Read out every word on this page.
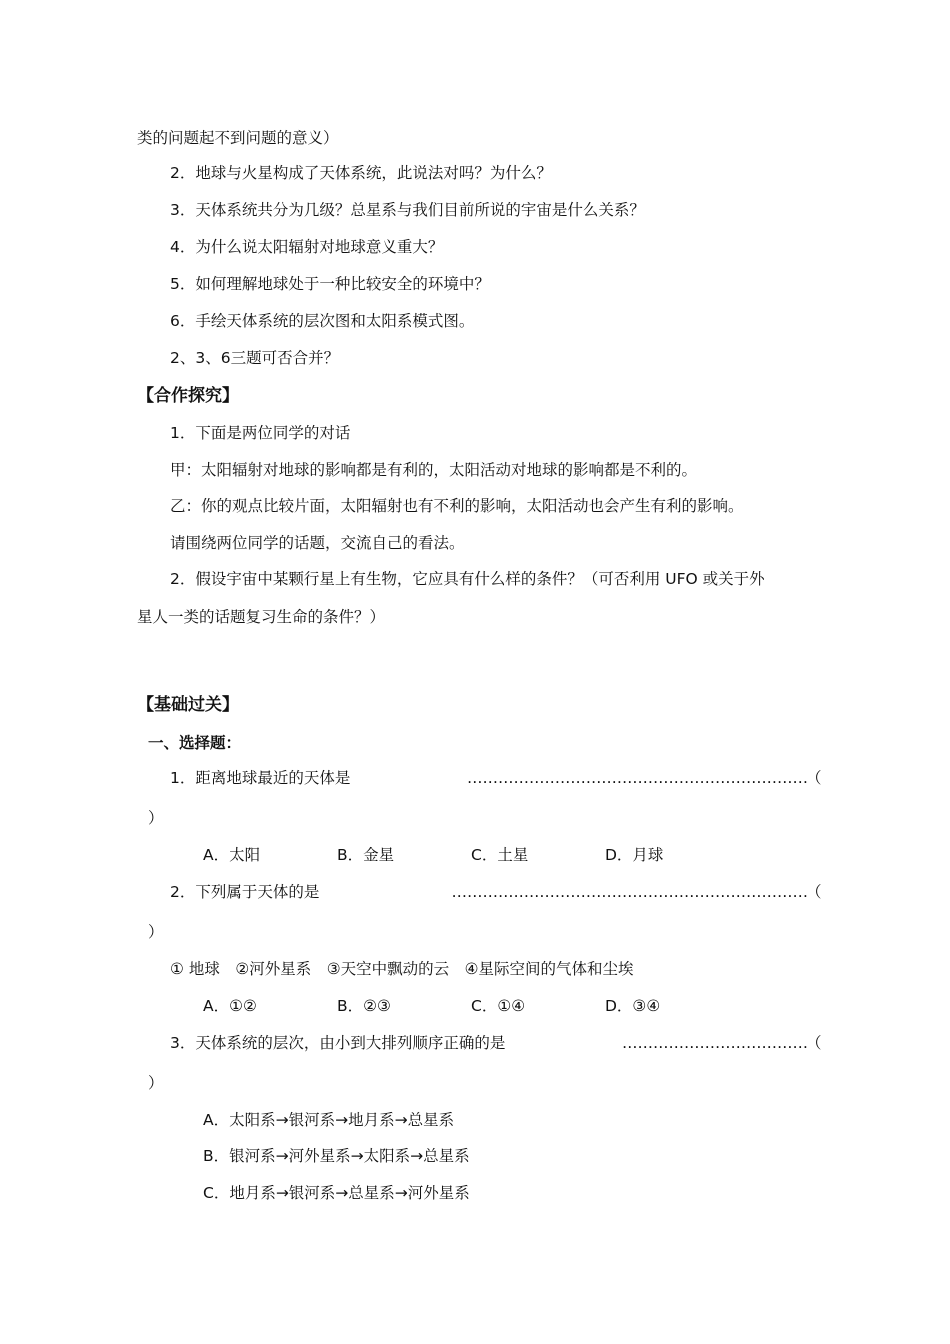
类的问题起不到问题的意义）
2．地球与火星构成了天体系统，此说法对吗？为什么？
3．天体系统共分为几级？总星系与我们目前所说的宇宙是什么关系？
4．为什么说太阳辐射对地球意义重大？
5．如何理解地球处于一种比较安全的环境中？
6．手绘天体系统的层次图和太阳系模式图。
2、3、6三题可否合并？
【合作探究】
1．下面是两位同学的对话
甲：太阳辐射对地球的影响都是有利的，太阳活动对地球的影响都是不利的。
乙：你的观点比较片面，太阳辐射也有不利的影响，太阳活动也会产生有利的影响。
请围绕两位同学的话题，交流自己的看法。
2．假设宇宙中某颗行星上有生物，它应具有什么样的条件？（可否利用 UFO 或关于外
星人一类的话题复习生命的条件？）
【基础过关】
一、选择题：
1．距离地球最近的天体是	…………………………………………………………
（
）
A．太阳	B．金星	C．土星	D．月球
2．下列属于天体的是	……………………………………………………………
（
）
① 地球　②河外星系　③天空中飘动的云　④星际空间的气体和尘埃
A．①②	B．②③	C．①④	D．③④
3．天体系统的层次，由小到大排列顺序正确的是	………………………………
（
）
A．太阳系→银河系→地月系→总星系
B．银河系→河外星系→太阳系→总星系
C．地月系→银河系→总星系→河外星系
